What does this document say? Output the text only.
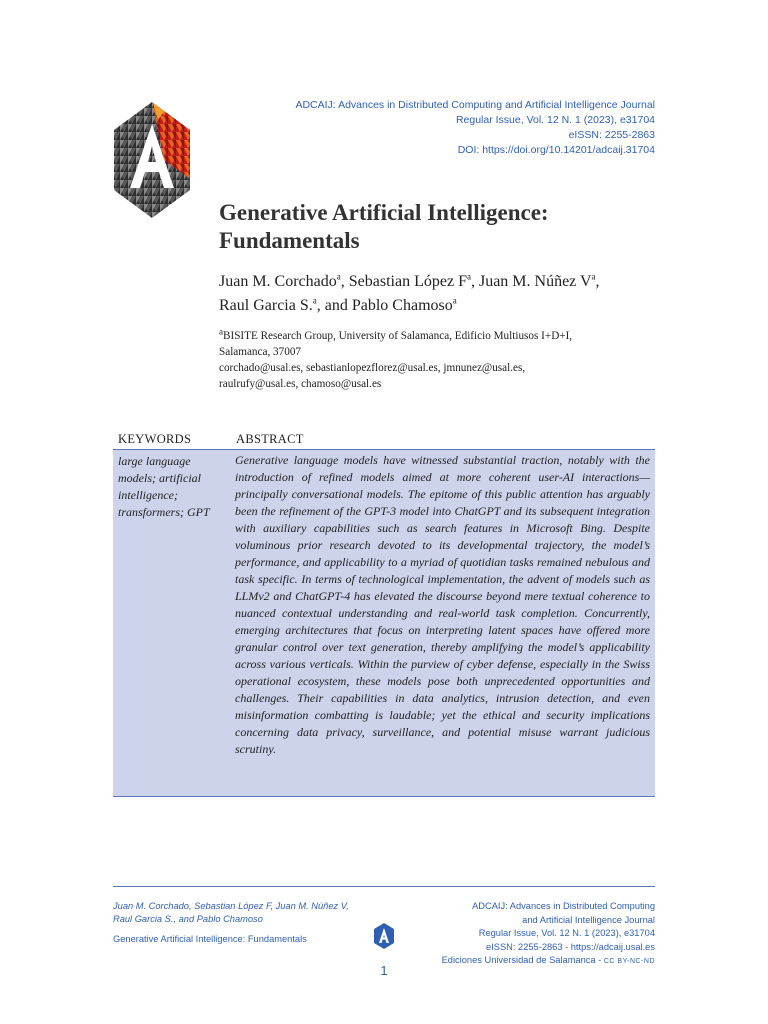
ADCAIJ: Advances in Distributed Computing and Artificial Intelligence Journal
Regular Issue, Vol. 12 N. 1 (2023), e31704
eISSN: 2255-2863
DOI: https://doi.org/10.14201/adcaij.31704
Generative Artificial Intelligence:
Fundamentals
Juan M. Corchado$^a$, Sebastian López $F^a$, Juan M. Núñez $V^a$,
Raul Garcia S.$^a$, and Pablo Chamoso$^a$
$^a$BISITE Research Group, University of Salamanca, Edificio Multiusos I+D+I,
Salamanca, 37007
corchado@usal.es, sebastianlopezflorez@usal.es, jmnunez@usal.es,
raulrufy@usal.es, chamoso@usal.es
KEYWORDS	ABSTRACT
large language
models; artificial
intelligence;
transformers; GPT

Generative language models have witnessed substantial traction, notably with the introduction of refined models aimed at more coherent user-AI interactions—principally conversational models. The epitome of this public attention has arguably been the refinement of the GPT-3 model into ChatGPT and its subsequent integration with auxiliary capabilities such as search features in Microsoft Bing. Despite voluminous prior research devoted to its developmental trajectory, the model’s performance, and applicability to a myriad of quotidian tasks remained nebulous and task specific. In terms of technological implementation, the advent of models such as LLMv2 and ChatGPT-4 has elevated the discourse beyond mere textual coherence to nuanced contextual understanding and real-world task completion. Concurrently, emerging architectures that focus on interpreting latent spaces have offered more granular control over text generation, thereby amplifying the model’s applicability across various verticals. Within the purview of cyber defense, especially in the Swiss operational ecosystem, these models pose both unprecedented opportunities and challenges. Their capabilities in data analytics, intrusion detection, and even misinformation combatting is laudable; yet the ethical and security implications concerning data privacy, surveillance, and potential misuse warrant judicious scrutiny.

Juan M. Corchado, Sebastian López F, Juan M. Núñez V,
Raul Garcia S., and Pablo Chamoso
Generative Artificial Intelligence: Fundamentals
ADCAIJ: Advances in Distributed Computing
and Artificial Intelligence Journal
Regular Issue, Vol. 12 N. 1 (2023), e31704
eISSN: 2255-2863 - https://adcaij.usal.es
Ediciones Universidad de Salamanca - CC BY-NC-ND
1
